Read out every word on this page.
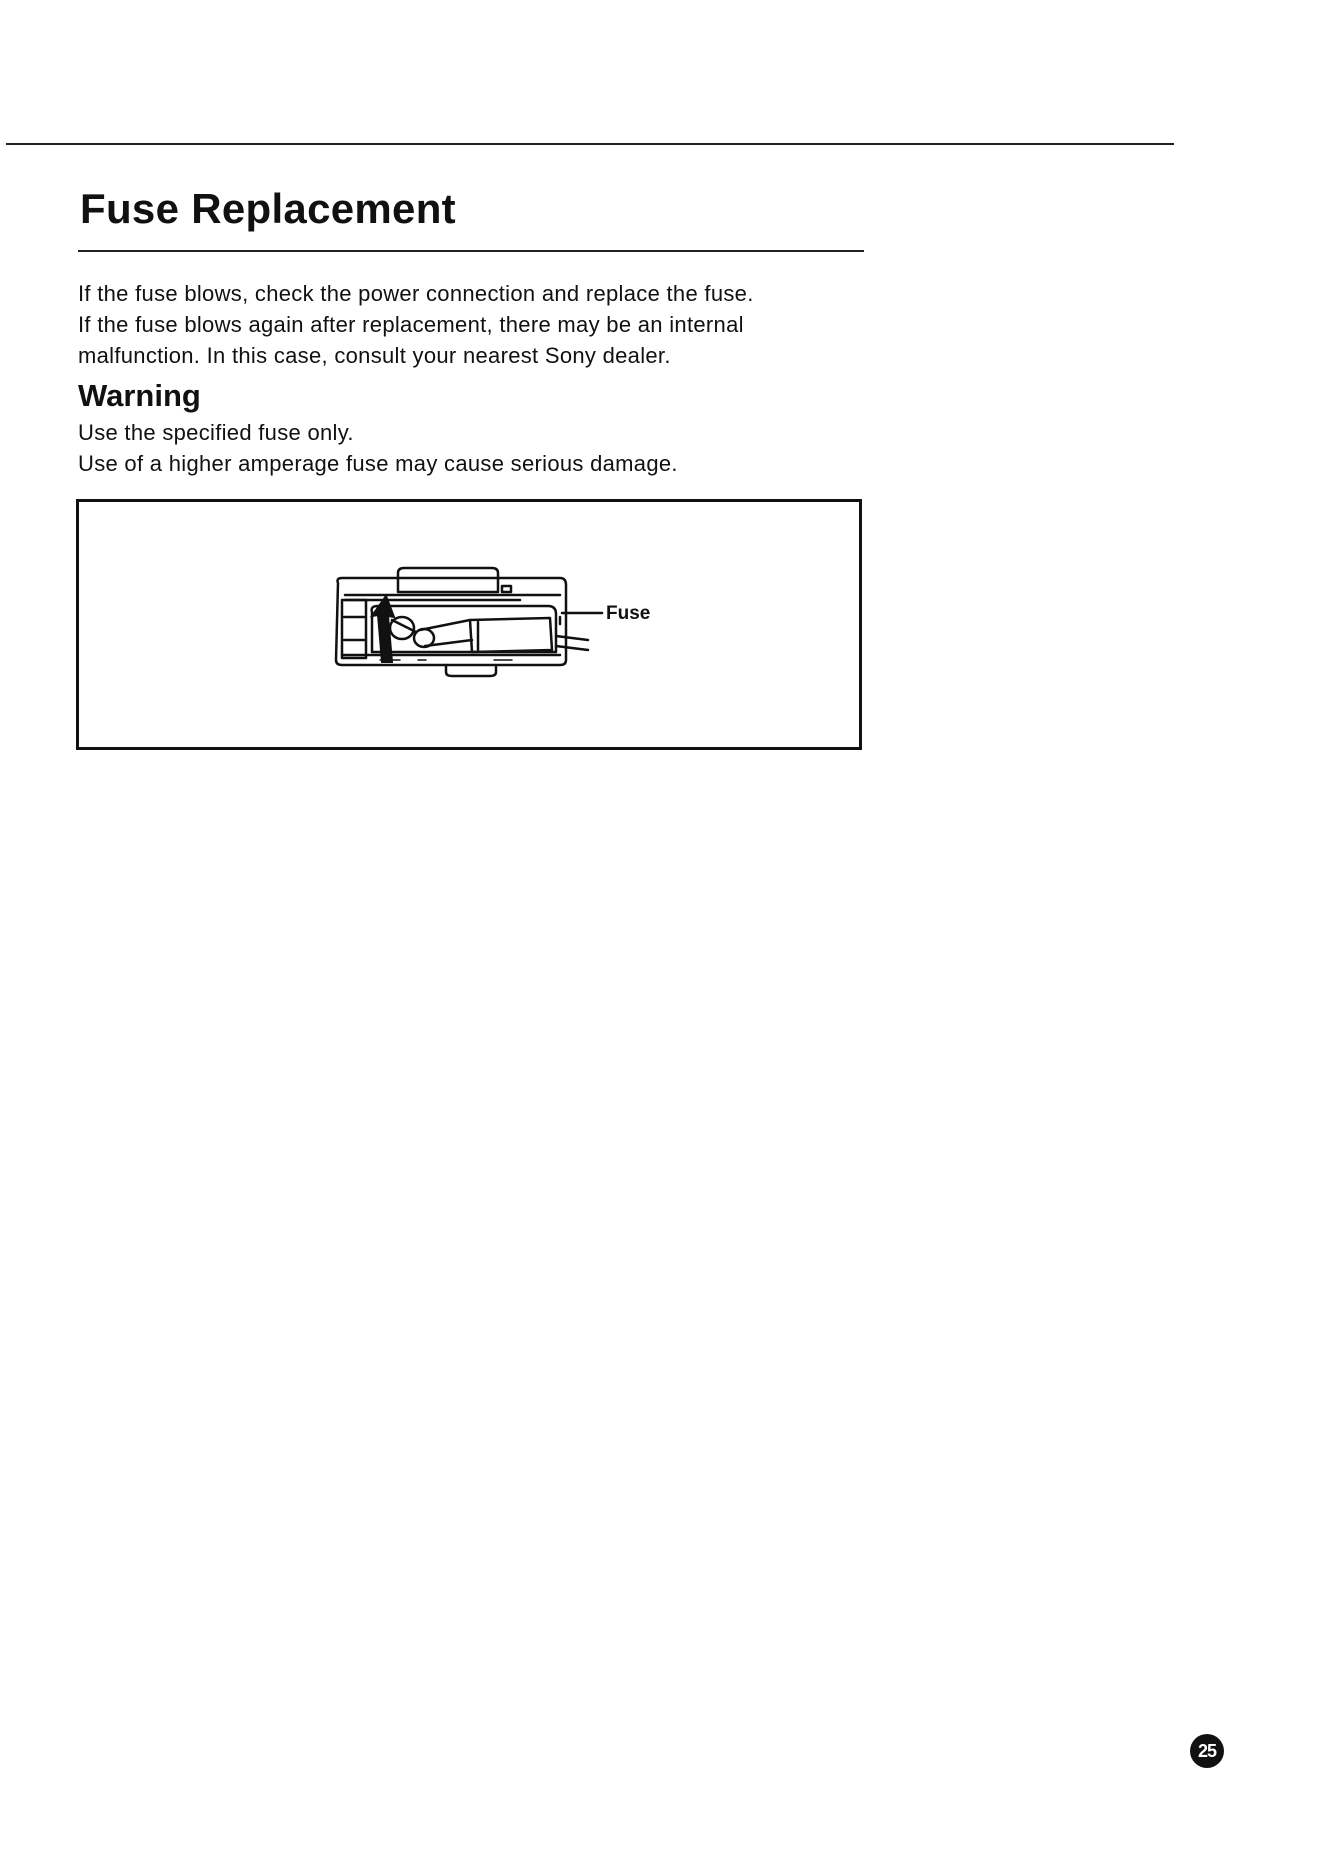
Fuse Replacement

If the fuse blows, check the power connection and replace the fuse.
If the fuse blows again after replacement, there may be an internal
malfunction. In this case, consult your nearest Sony dealer.

Warning

Use the specified fuse only.
Use of a higher amperage fuse may cause serious damage.

Fuse

25
